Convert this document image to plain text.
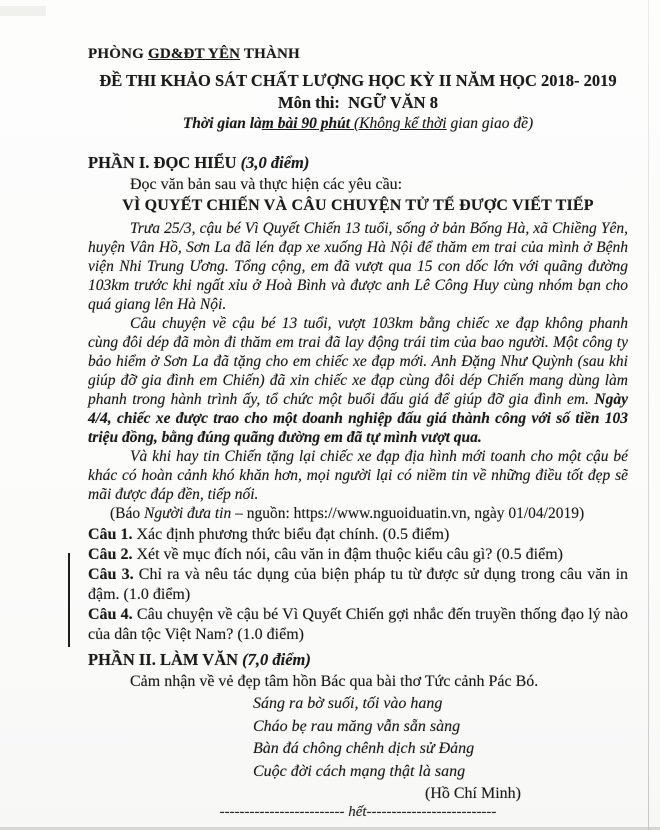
PHÒNG GD&ĐT YÊN THÀNH
ĐỀ THI KHẢO SÁT CHẤT LƯỢNG HỌC KỲ II NĂM HỌC 2018- 2019
Môn thi:  NGỮ VĂN 8
Thời gian làm bài 90 phút (Không kể thời gian giao đề)
PHẦN I. ĐỌC HIỂU (3,0 điểm)
Đọc văn bản sau và thực hiện các yêu cầu:
VÌ QUYẾT CHIẾN VÀ CÂU CHUYỆN TỬ TẾ ĐƯỢC VIẾT TIẾP

Trưa 25/3, cậu bé Vì Quyết Chiến 13 tuổi, sống ở bản Bống Hà, xã Chiềng Yên, huyện Vân Hồ, Sơn La đã lén đạp xe xuống Hà Nội để thăm em trai của mình ở Bệnh viện Nhi Trung Ương. Tổng cộng, em đã vượt qua 15 con dốc lớn với quãng đường 103km trước khi ngất xỉu ở Hoà Bình và được anh Lê Công Huy cùng nhóm bạn cho quá giang lên Hà Nội.

Câu chuyện về cậu bé 13 tuổi, vượt 103km bằng chiếc xe đạp không phanh cùng đôi dép đã mòn đi thăm em trai đã lay động trái tim của bao người. Một công ty bảo hiểm ở Sơn La đã tặng cho em chiếc xe đạp mới. Anh Đặng Như Quỳnh (sau khi giúp đỡ gia đình em Chiến) đã xin chiếc xe đạp cùng đôi dép Chiến mang dùng làm phanh trong hành trình ấy, tổ chức một buổi đấu giá để giúp đỡ gia đình em. Ngày 4/4, chiếc xe được trao cho một doanh nghiệp đấu giá thành công với số tiền 103 triệu đồng, bằng đúng quãng đường em đã tự mình vượt qua.

Và khi hay tin Chiến tặng lại chiếc xe đạp địa hình mới toanh cho một cậu bé khác có hoàn cảnh khó khăn hơn, mọi người lại có niềm tin về những điều tốt đẹp sẽ mãi được đáp đền, tiếp nối.

(Báo Người đưa tin – nguồn: https://www.nguoiduatin.vn, ngày 01/04/2019)

Câu 1. Xác định phương thức biểu đạt chính. (0.5 điểm)

Câu 2. Xét về mục đích nói, câu văn in đậm thuộc kiểu câu gì? (0.5 điểm)

Câu 3. Chỉ ra và nêu tác dụng của biện pháp tu từ được sử dụng trong câu văn in đậm. (1.0 điểm)

Câu 4. Câu chuyện về cậu bé Vì Quyết Chiến gợi nhắc đến truyền thống đạo lý nào của dân tộc Việt Nam? (1.0 điểm)

PHẦN II. LÀM VĂN (7,0 điểm)
Cảm nhận về vẻ đẹp tâm hồn Bác qua bài thơ Tức cảnh Pác Bó.
Sáng ra bờ suối, tối vào hang
Cháo bẹ rau măng vẫn sẵn sàng
Bàn đá chông chênh dịch sử Đảng
Cuộc đời cách mạng thật là sang
(Hồ Chí Minh)
------------------------- hết--------------------------
